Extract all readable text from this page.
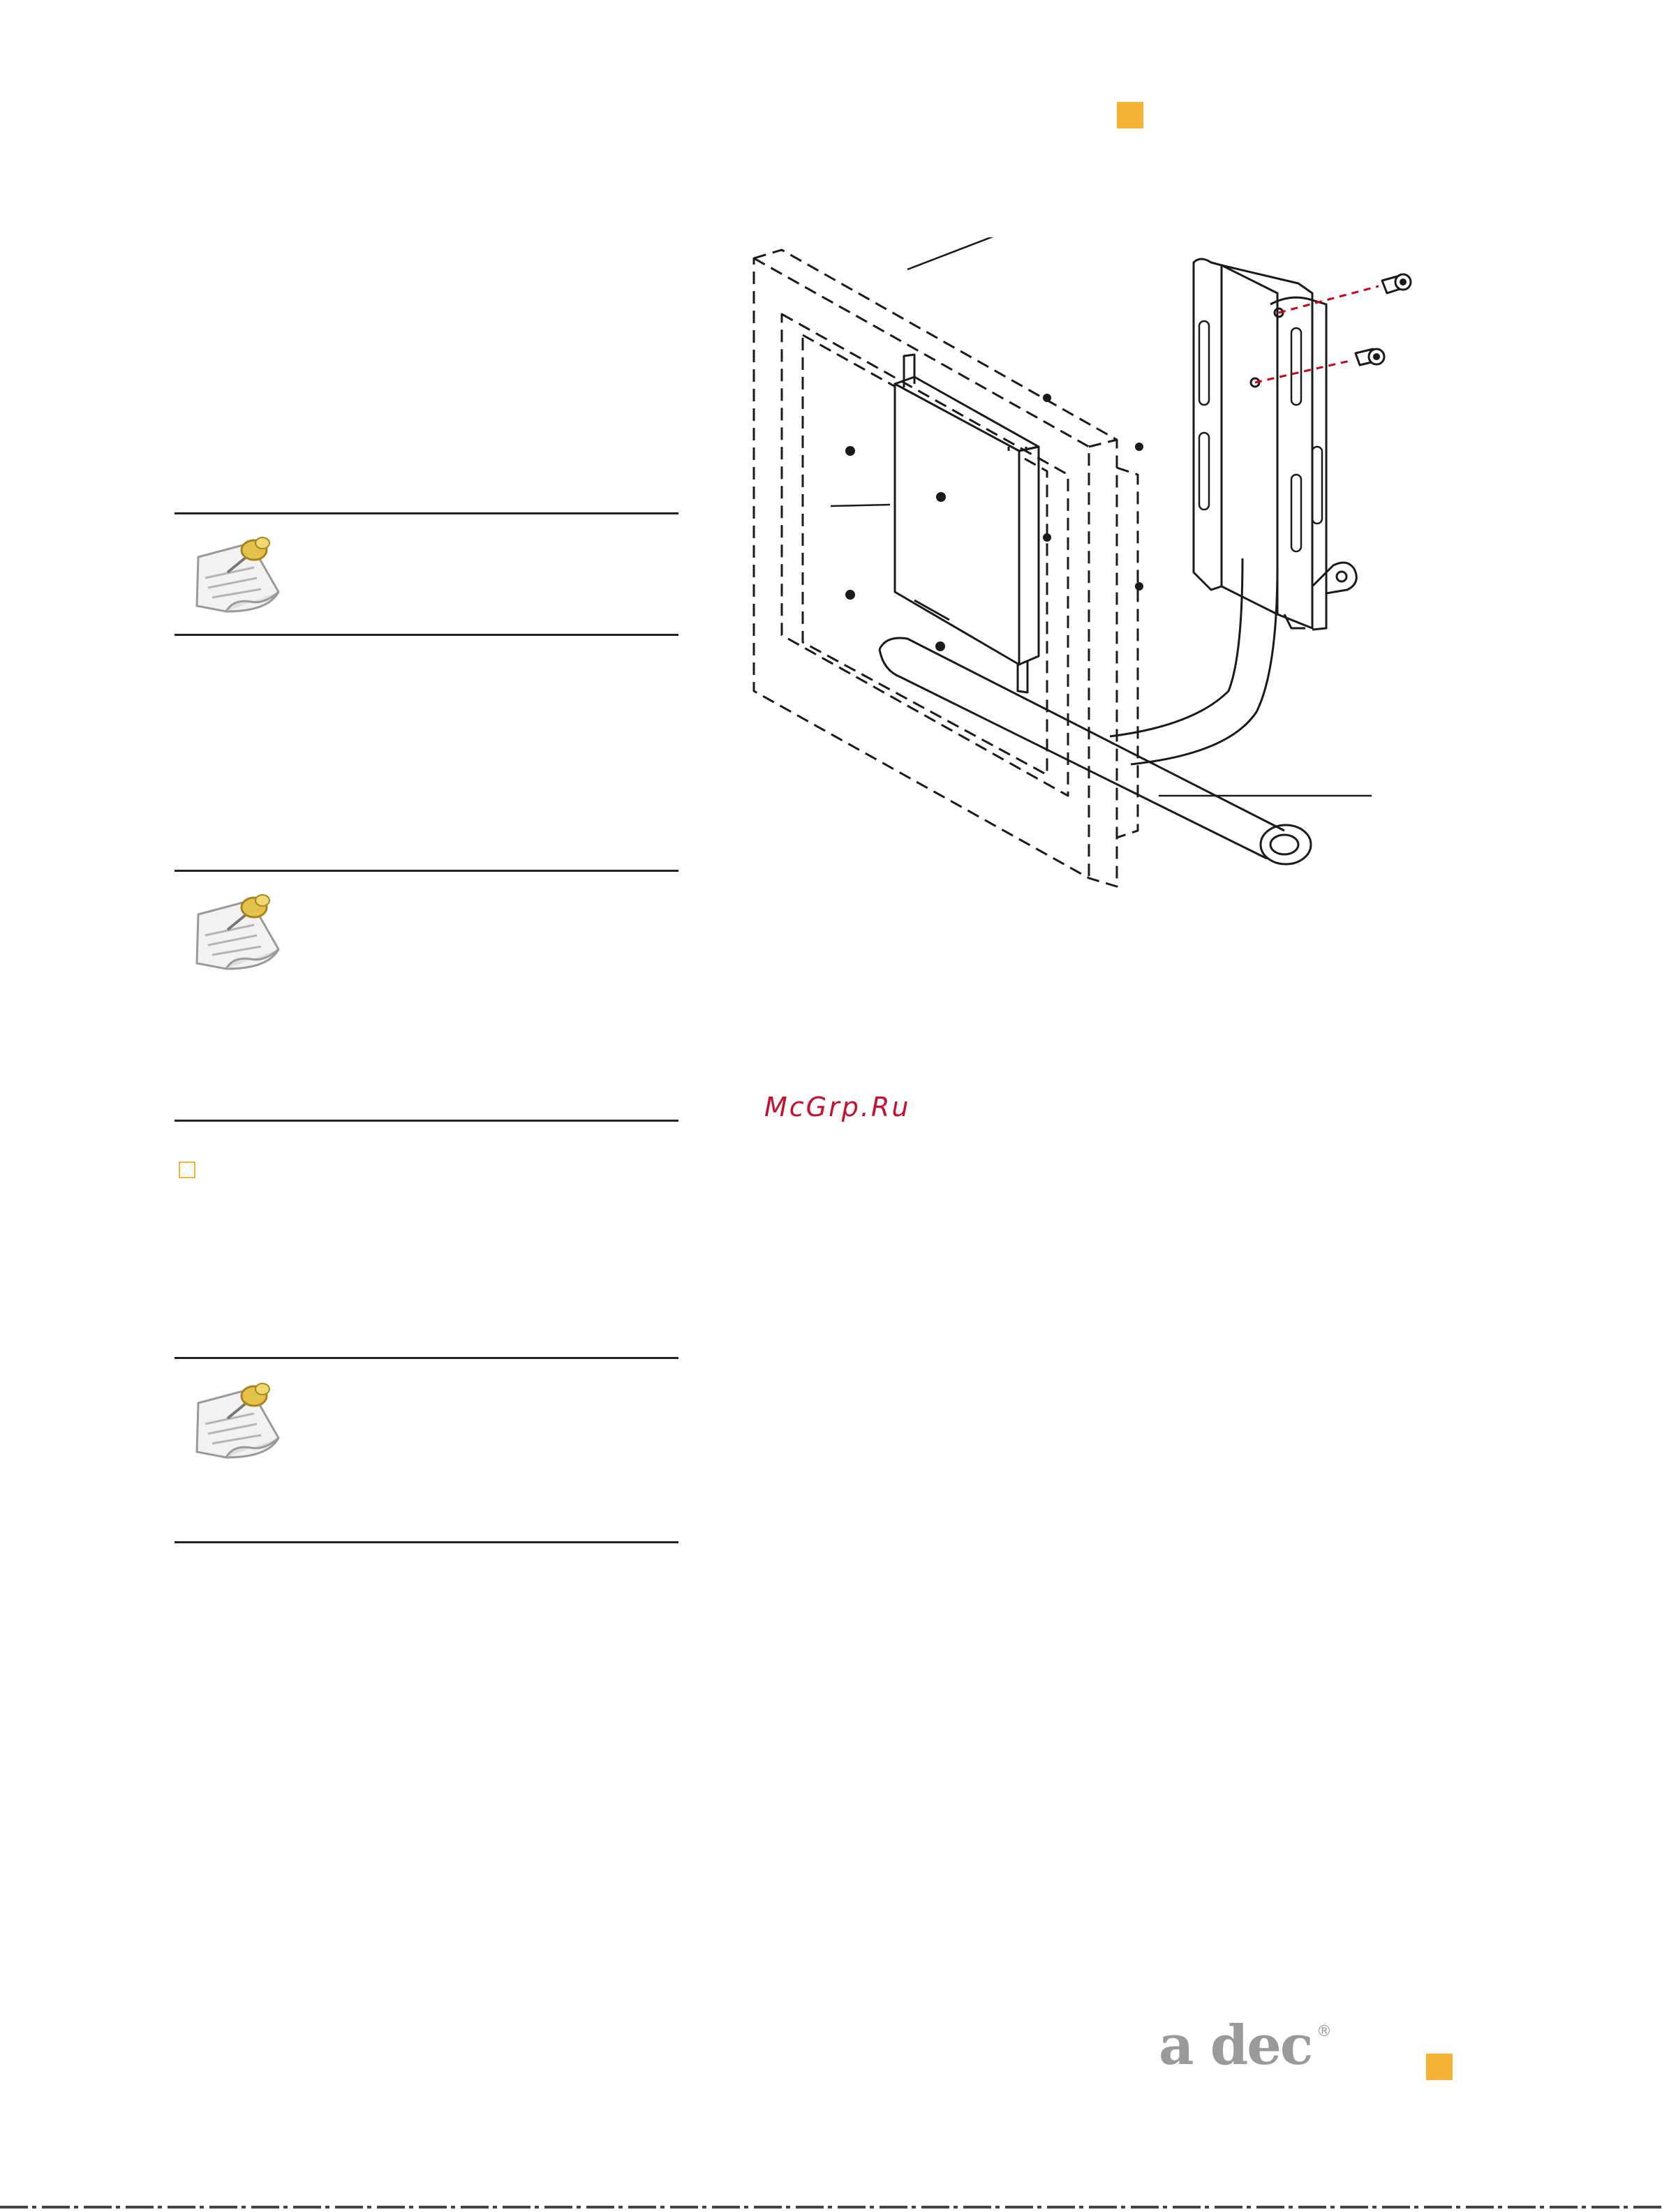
McGrp.Ru
a dec ®
